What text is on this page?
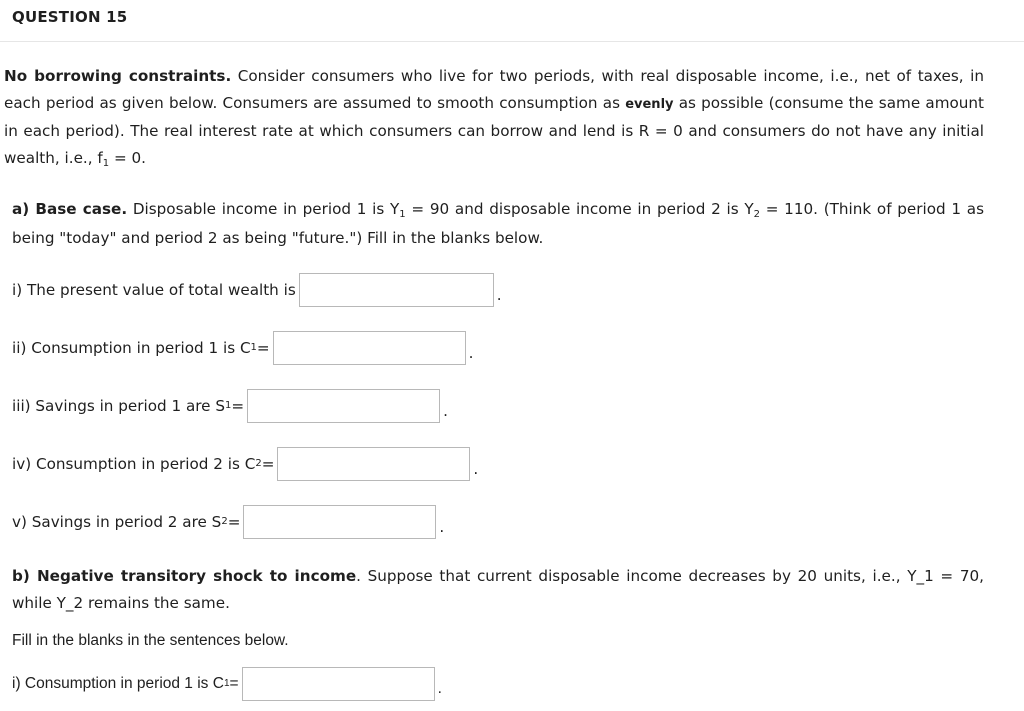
QUESTION 15
No borrowing constraints. Consider consumers who live for two periods, with real disposable income, i.e., net of taxes, in each period as given below. Consumers are assumed to smooth consumption as evenly as possible (consume the same amount in each period). The real interest rate at which consumers can borrow and lend is R = 0 and consumers do not have any initial wealth, i.e., $f_1 = 0$.
a) Base case. Disposable income in period 1 is $Y_1 = 90$ and disposable income in period 2 is $Y_2 = 110$. (Think of period 1 as being "today" and period 2 as being "future.") Fill in the blanks below.
i) The present value of total wealth is	.
ii) Consumption in period 1 is C 1 =	.
iii) Savings in period 1 are S 1 =	.
iv) Consumption in period 2 is C 2 =	.
v) Savings in period 2 are S 2 =	.
b) Negative transitory shock to income. Suppose that current disposable income decreases by 20 units, i.e., Y_1 = 70, while Y_2 remains the same.
Fill in the blanks in the sentences below.
i) Consumption in period 1 is C 1 =	.
